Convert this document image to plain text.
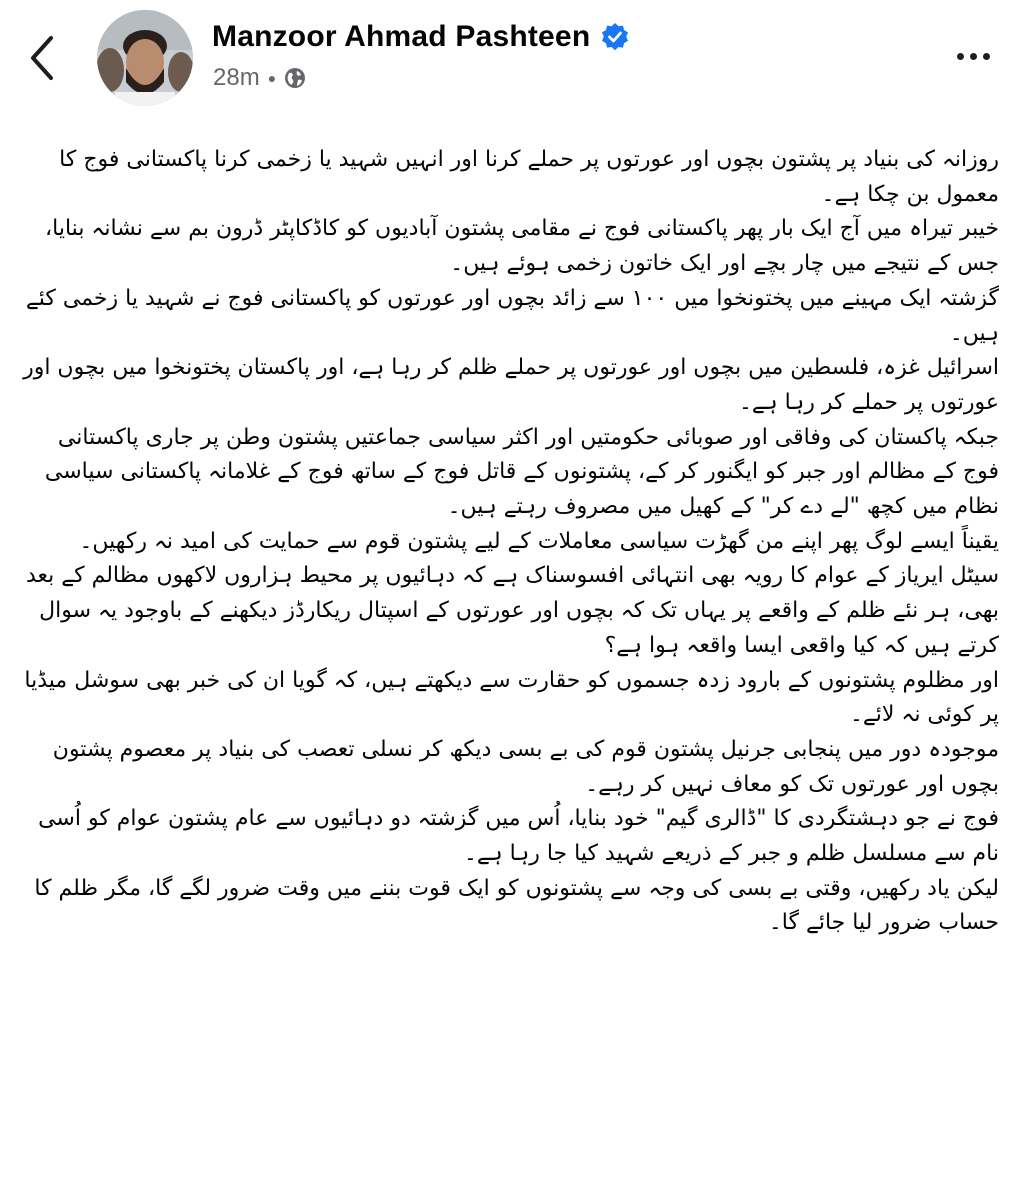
Manzoor Ahmad Pashteen
28m ●

روزانہ کی بنیاد پر پشتون بچوں اور عورتوں پر حملے کرنا اور انہیں شہید یا زخمی کرنا پاکستانی فوج کا معمول بن چکا ہے۔

خیبر تیراہ میں آج ایک بار پھر پاکستانی فوج نے مقامی پشتون آبادیوں کو کاڈکاپٹر ڈرون بم سے نشانہ بنایا، جس کے نتیجے میں چار بچے اور ایک خاتون زخمی ہوئے ہیں۔

گزشتہ ایک مہینے میں پختونخوا میں ١٠٠ سے زائد بچوں اور عورتوں کو پاکستانی فوج نے شہید یا زخمی کئے ہیں۔

اسرائیل غزہ، فلسطین میں بچوں اور عورتوں پر حملے ظلم کر رہا ہے، اور پاکستان پختونخوا میں بچوں اور عورتوں پر حملے کر رہا ہے۔

جبکہ پاکستان کی وفاقی اور صوبائی حکومتیں اور اکثر سیاسی جماعتیں پشتون وطن پر جاری پاکستانی فوج کے مظالم اور جبر کو ایگنور کر کے، پشتونوں کے قاتل فوج کے ساتھ فوج کے غلامانہ پاکستانی سیاسی نظام میں کچھ "لے دے کر" کے کھیل میں مصروف رہتے ہیں۔

یقیناً ایسے لوگ پھر اپنے من گھڑت سیاسی معاملات کے لیے پشتون قوم سے حمایت کی امید نہ رکھیں۔

سیٹل ایریاز کے عوام کا رویہ بھی انتہائی افسوسناک ہے کہ دہائیوں پر محیط ہزاروں لاکھوں مظالم کے بعد بھی، ہر نئے ظلم کے واقعے پر یہاں تک کہ بچوں اور عورتوں کے اسپتال ریکارڈز دیکھنے کے باوجود یہ سوال کرتے ہیں کہ کیا واقعی ایسا واقعہ ہوا ہے؟

اور مظلوم پشتونوں کے بارود زدہ جسموں کو حقارت سے دیکھتے ہیں، کہ گویا ان کی خبر بھی سوشل میڈیا پر کوئی نہ لائے۔

موجودہ دور میں پنجابی جرنیل پشتون قوم کی بے بسی دیکھ کر نسلی تعصب کی بنیاد پر معصوم پشتون بچوں اور عورتوں تک کو معاف نہیں کر رہے۔

فوج نے جو دہشتگردی کا "ڈالری گیم" خود بنایا، اُس میں گزشتہ دو دہائیوں سے عام پشتون عوام کو اُسی نام سے مسلسل ظلم و جبر کے ذریعے شہید کیا جا رہا ہے۔

لیکن یاد رکھیں، وقتی بے بسی کی وجہ سے پشتونوں کو ایک قوت بننے میں وقت ضرور لگے گا، مگر ظلم کا حساب ضرور لیا جائے گا۔
